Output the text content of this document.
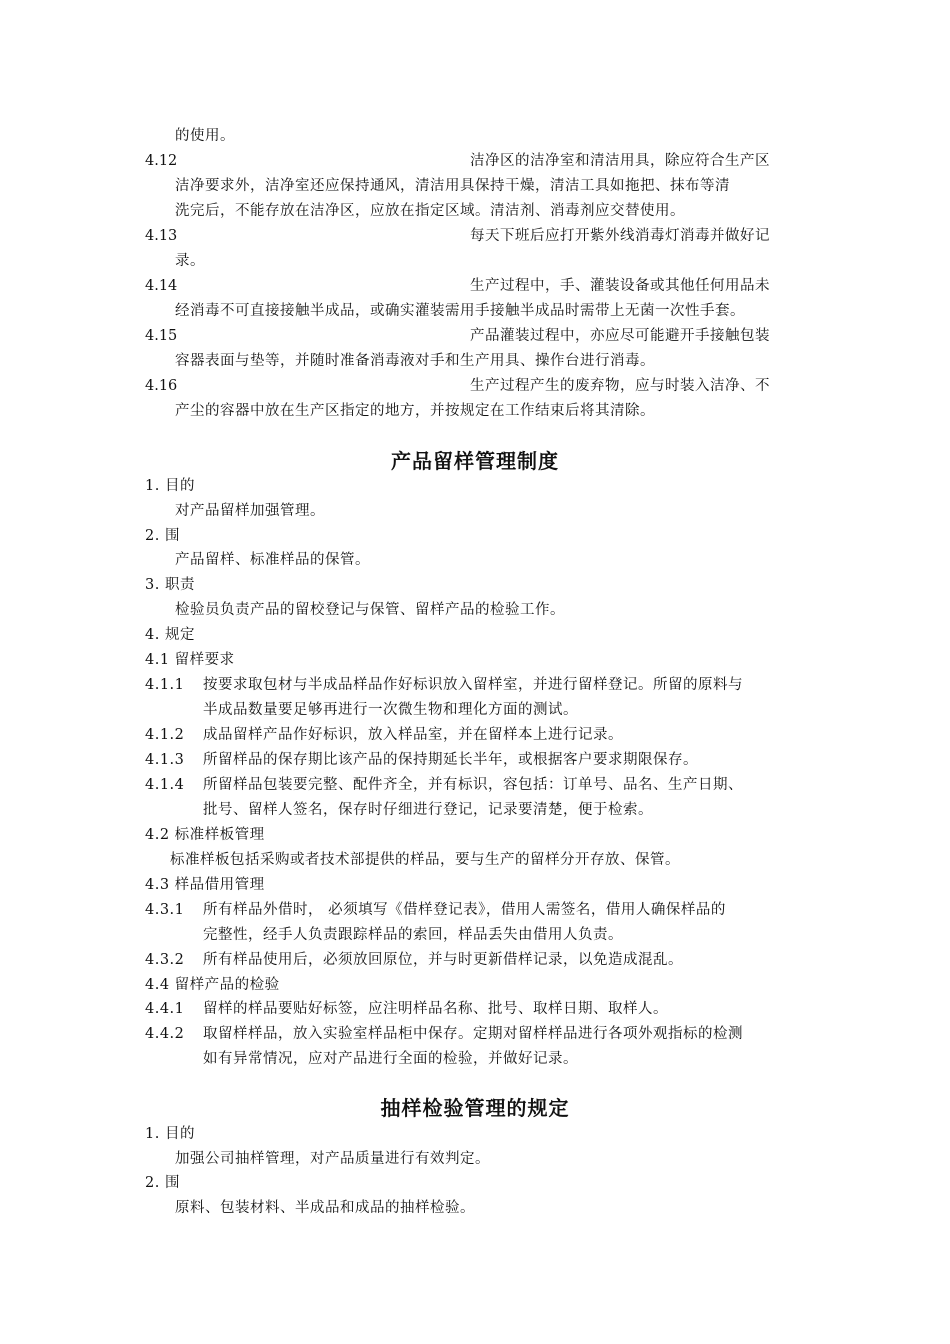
的使用。
4.12	洁净区的洁净室和清洁用具，除应符合生产区
洁净要求外，洁净室还应保持通风，清洁用具保持干燥，清洁工具如拖把、抹布等清
洗完后，不能存放在洁净区，应放在指定区域。清洁剂、消毒剂应交替使用。
4.13	每天下班后应打开紫外线消毒灯消毒并做好记
录。
4.14	生产过程中，手、灌装设备或其他任何用品未
经消毒不可直接接触半成品，或确实灌装需用手接触半成品时需带上无菌一次性手套。
4.15	产品灌装过程中，亦应尽可能避开手接触包装
容器表面与垫等，并随时准备消毒液对手和生产用具、操作台进行消毒。
4.16	生产过程产生的废弃物，应与时装入洁净、不
产尘的容器中放在生产区指定的地方，并按规定在工作结束后将其清除。
产品留样管理制度
1. 目的
对产品留样加强管理。
2. 围
产品留样、标准样品的保管。
3. 职责
检验员负责产品的留校登记与保管、留样产品的检验工作。
4. 规定
4.1 留样要求
4.1.1 按要求取包材与半成品样品作好标识放入留样室，并进行留样登记。所留的原料与
半成品数量要足够再进行一次微生物和理化方面的测试。
4.1.2 成品留样产品作好标识，放入样品室，并在留样本上进行记录。
4.1.3 所留样品的保存期比该产品的保持期延长半年，或根据客户要求期限保存。
4.1.4 所留样品包装要完整、配件齐全，并有标识，容包括：订单号、品名、生产日期、
批号、留样人签名，保存时仔细进行登记，记录要清楚，便于检索。
4.2 标准样板管理
标准样板包括采购或者技术部提供的样品，要与生产的留样分开存放、保管。
4.3 样品借用管理
4.3.1 所有样品外借时， 必须填写《借样登记表》，借用人需签名，借用人确保样品的
完整性，经手人负责跟踪样品的索回，样品丢失由借用人负责。
4.3.2 所有样品使用后，必须放回原位，并与时更新借样记录，以免造成混乱。
4.4 留样产品的检验
4.4.1 留样的样品要贴好标签，应注明样品名称、批号、取样日期、取样人。
4.4.2 取留样样品，放入实验室样品柜中保存。定期对留样样品进行各项外观指标的检测
如有异常情况，应对产品进行全面的检验，并做好记录。
抽样检验管理的规定
1. 目的
加强公司抽样管理，对产品质量进行有效判定。
2. 围
原料、包装材料、半成品和成品的抽样检验。
